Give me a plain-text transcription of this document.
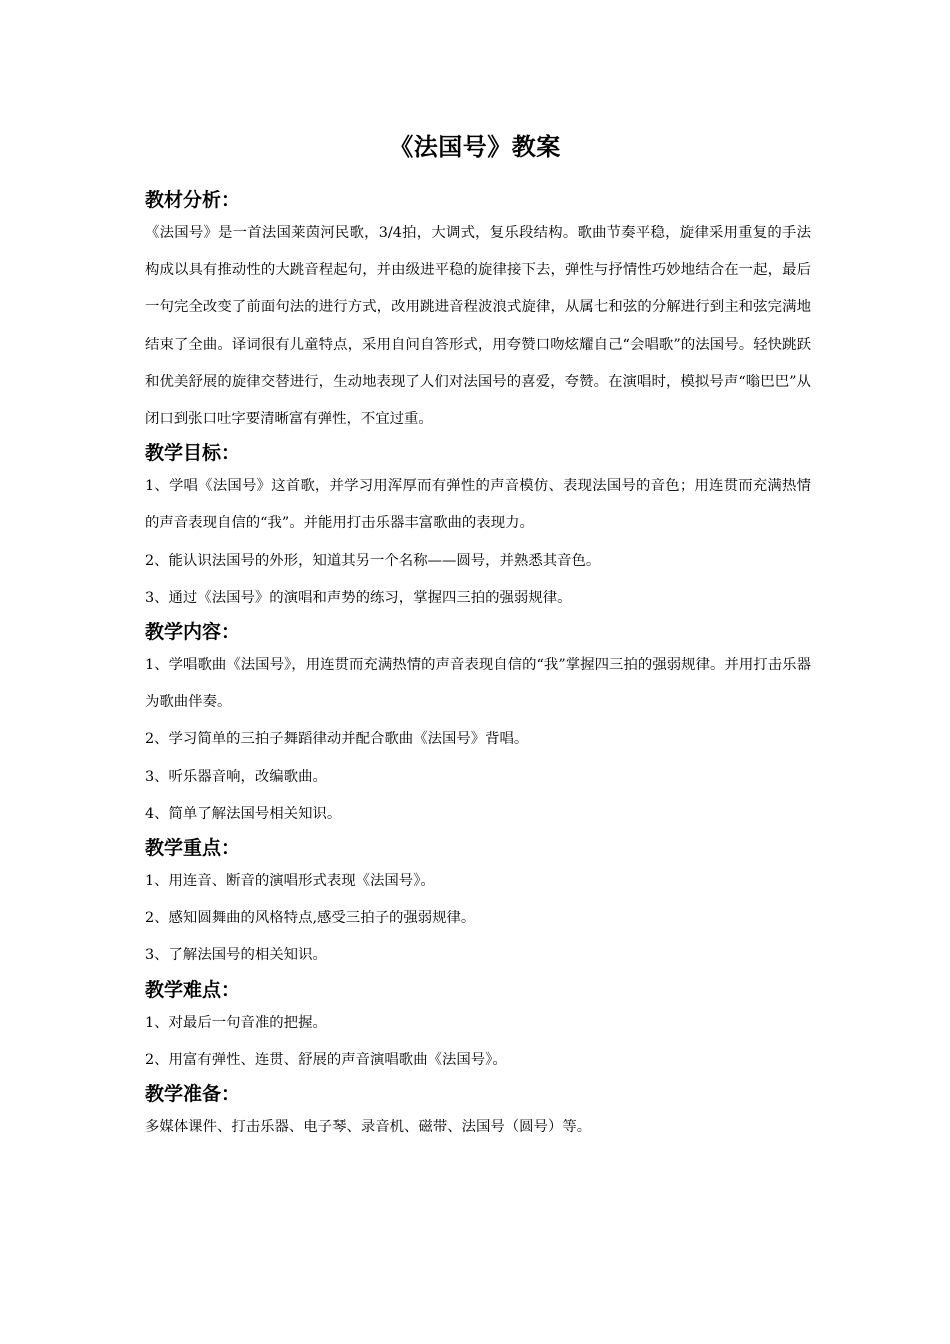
《法国号》教案
教材分析：

《法国号》是一首法国莱茵河民歌，3/4拍，大调式，复乐段结构。歌曲节奏平稳，旋律采用重复的手法构成以具有推动性的大跳音程起句，并由级进平稳的旋律接下去，弹性与抒情性巧妙地结合在一起，最后一句完全改变了前面句法的进行方式，改用跳进音程波浪式旋律，从属七和弦的分解进行到主和弦完满地结束了全曲。译词很有儿童特点，采用自问自答形式，用夸赞口吻炫耀自己“会唱歌”的法国号。轻快跳跃和优美舒展的旋律交替进行，生动地表现了人们对法国号的喜爱，夸赞。在演唱时，模拟号声“嗡巴巴”从闭口到张口吐字要清晰富有弹性，不宜过重。

教学目标：

1、学唱《法国号》这首歌，并学习用浑厚而有弹性的声音模仿、表现法国号的音色；用连贯而充满热情的声音表现自信的“我”。并能用打击乐器丰富歌曲的表现力。

2、能认识法国号的外形，知道其另一个名称——圆号，并熟悉其音色。

3、通过《法国号》的演唱和声势的练习，掌握四三拍的强弱规律。

教学内容：

1、学唱歌曲《法国号》，用连贯而充满热情的声音表现自信的“我”掌握四三拍的强弱规律。并用打击乐器为歌曲伴奏。

2、学习简单的三拍子舞蹈律动并配合歌曲《法国号》背唱。

3、听乐器音响，改编歌曲。

4、简单了解法国号相关知识。

教学重点：

1、用连音、断音的演唱形式表现《法国号》。

2、感知圆舞曲的风格特点,感受三拍子的强弱规律。

3、了解法国号的相关知识。

教学难点：

1、对最后一句音准的把握。

2、用富有弹性、连贯、舒展的声音演唱歌曲《法国号》。

教学准备：

多媒体课件、打击乐器、电子琴、录音机、磁带、法国号（圆号）等。
